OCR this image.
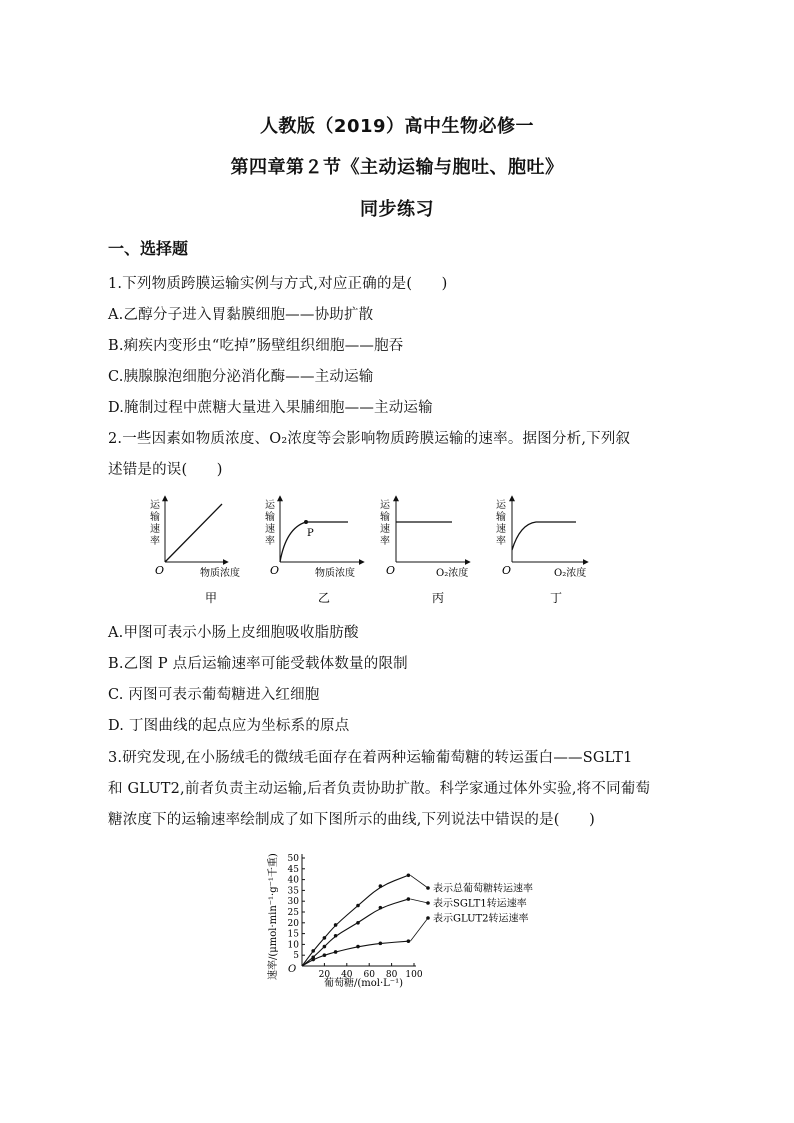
人教版（2019）高中生物必修一
第四章第２节《主动运输与胞吐、胞吐》
同步练习
一、选择题
1.下列物质跨膜运输实例与方式,对应正确的是(　　)
A.乙醇分子进入胃黏膜细胞——协助扩散
B.痢疾内变形虫“吃掉”肠壁组织细胞——胞吞
C.胰腺腺泡细胞分泌消化酶——主动运输
D.腌制过程中蔗糖大量进入果脯细胞——主动运输
2.一些因素如物质浓度、O₂浓度等会影响物质跨膜运输的速率。据图分析,下列叙
述错是的误(　　)
运
输
速
率
O	物质浓度
甲
P
运
输
速
率
O	物质浓度
乙
运
输
速
率
O	O₂浓度
丙
运
输
速
率
O	O₂浓度
丁
A.甲图可表示小肠上皮细胞吸收脂肪酸
B.乙图 P 点后运输速率可能受载体数量的限制
C. 丙图可表示葡萄糖进入红细胞
D. 丁图曲线的起点应为坐标系的原点
3.研究发现,在小肠绒毛的微绒毛面存在着两种运输葡萄糖的转运蛋白——SGLT1
和 GLUT2,前者负责主动运输,后者负责协助扩散。科学家通过体外实验,将不同葡萄
糖浓度下的运输速率绘制成了如下图所示的曲线,下列说法中错误的是(　　)
速率/(μmol·min⁻¹·g⁻¹千重)
葡萄糖/(mol·L⁻¹)
O
5
10
15
20
25
30
35
40
45
50
20 40 60 80 100
表示总葡萄糖转运速率
表示SGLT1转运速率
表示GLUT2转运速率
